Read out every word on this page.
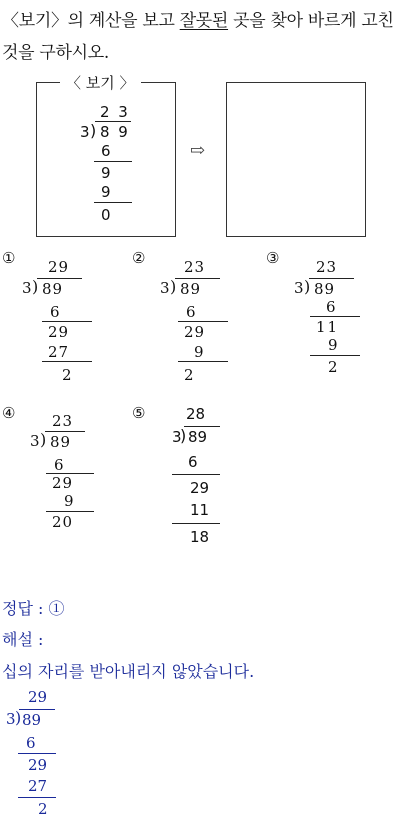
〈보기〉의 계산을 보고 잘못된 곳을 찾아 바르게 고친
것을 구하시오.
〈 보기 〉
2 3
3 ) 8 9
6
9
9
0
⇨
① 29
3 ) 89
6
29
27
2
②	23
3 ) 89
6
29
9
2
③ 23
3 ) 89
6
11
9
2
④ 23
3 ) 89
6
29
9
20
⑤	28
3
) 89
6
29
11
18
정답 : ①
해설 :
십의 자리를 받아내리지 않았습니다.
29
3 ) 89
6
29
27
2
